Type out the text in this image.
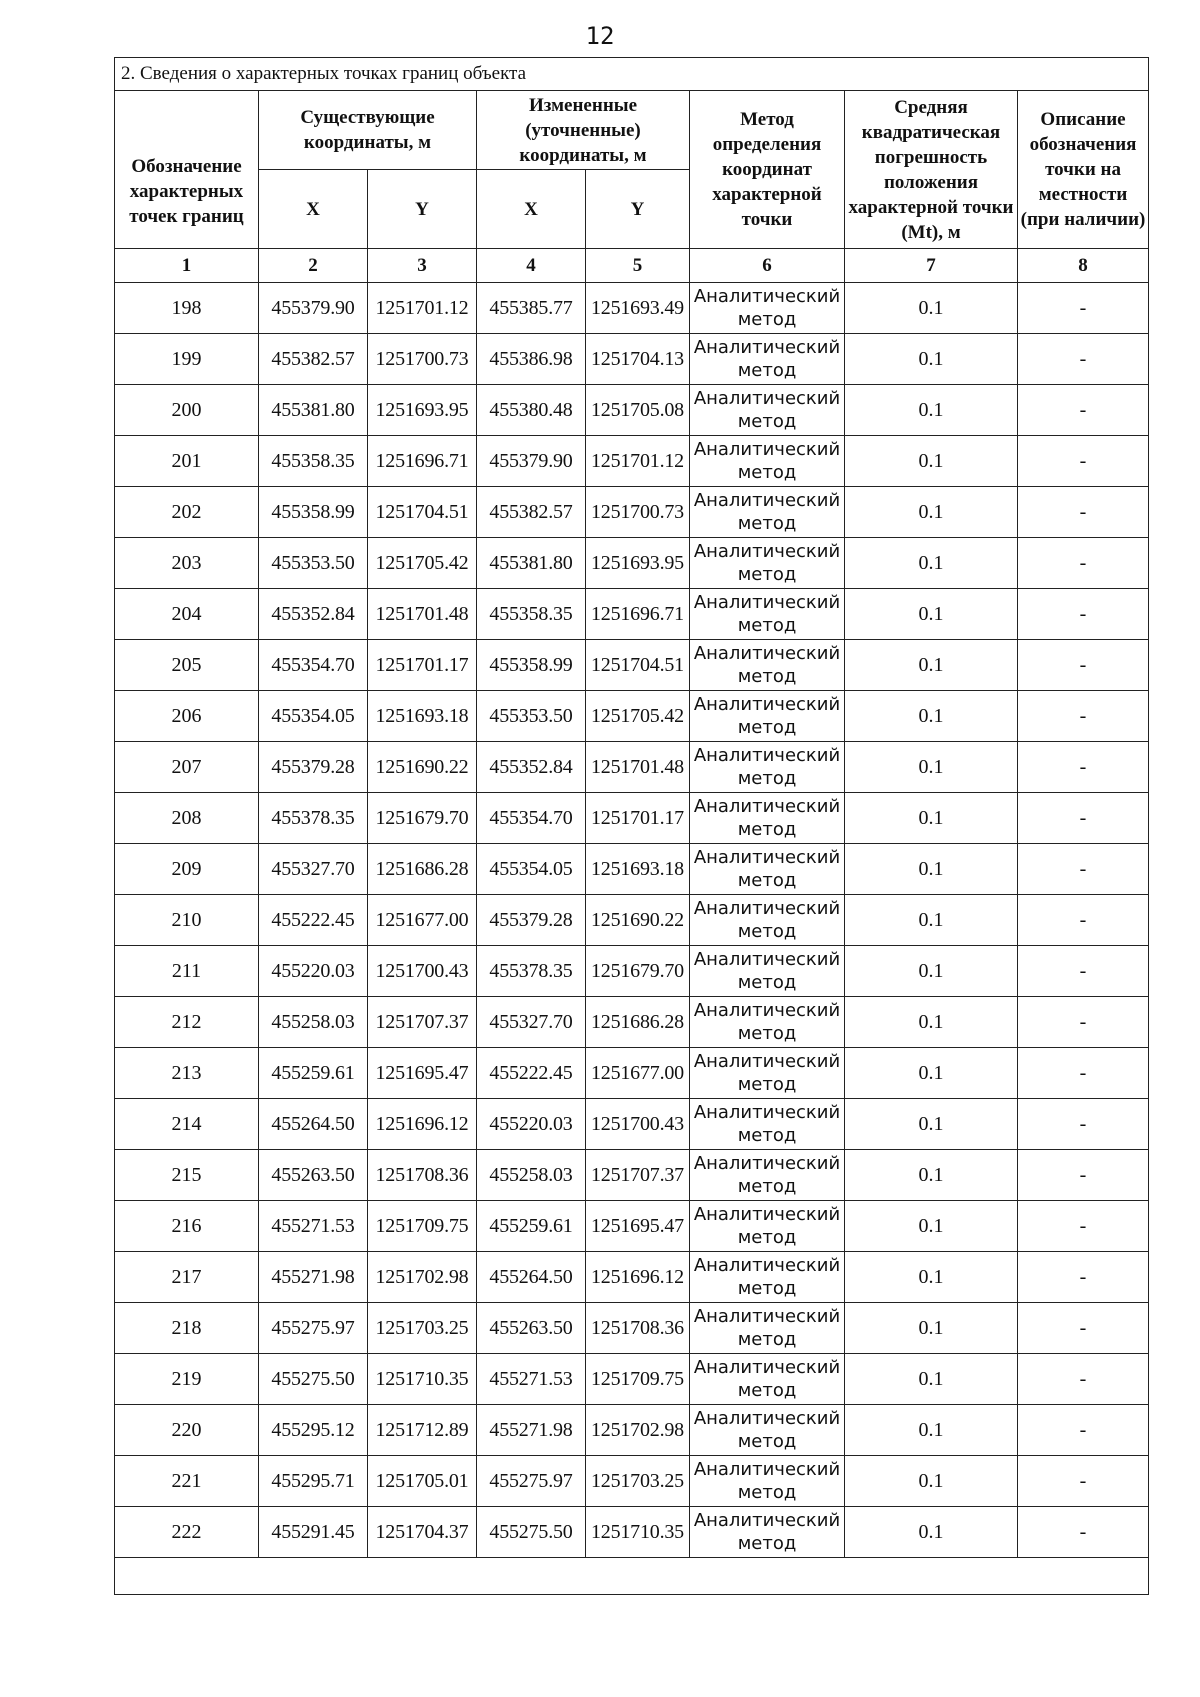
12
2. Сведения о характерных точках границ объекта							
Обозначение характерных точек границ	Существующие координаты, м		Измененные (уточненные) координаты, м		Метод определения координат характерной точки	Средняя квадратическая погрешность положения характерной точки (Mt), м	Описание обозначения точки на местности (при наличии)
	X	Y	X	Y			
1	2	3	4	5	6	7	8
198	455379.90	1251701.12	455385.77	1251693.49	Аналитический метод	0.1	-
199	455382.57	1251700.73	455386.98	1251704.13	Аналитический метод	0.1	-
200	455381.80	1251693.95	455380.48	1251705.08	Аналитический метод	0.1	-
201	455358.35	1251696.71	455379.90	1251701.12	Аналитический метод	0.1	-
202	455358.99	1251704.51	455382.57	1251700.73	Аналитический метод	0.1	-
203	455353.50	1251705.42	455381.80	1251693.95	Аналитический метод	0.1	-
204	455352.84	1251701.48	455358.35	1251696.71	Аналитический метод	0.1	-
205	455354.70	1251701.17	455358.99	1251704.51	Аналитический метод	0.1	-
206	455354.05	1251693.18	455353.50	1251705.42	Аналитический метод	0.1	-
207	455379.28	1251690.22	455352.84	1251701.48	Аналитический метод	0.1	-
208	455378.35	1251679.70	455354.70	1251701.17	Аналитический метод	0.1	-
209	455327.70	1251686.28	455354.05	1251693.18	Аналитический метод	0.1	-
210	455222.45	1251677.00	455379.28	1251690.22	Аналитический метод	0.1	-
211	455220.03	1251700.43	455378.35	1251679.70	Аналитический метод	0.1	-
212	455258.03	1251707.37	455327.70	1251686.28	Аналитический метод	0.1	-
213	455259.61	1251695.47	455222.45	1251677.00	Аналитический метод	0.1	-
214	455264.50	1251696.12	455220.03	1251700.43	Аналитический метод	0.1	-
215	455263.50	1251708.36	455258.03	1251707.37	Аналитический метод	0.1	-
216	455271.53	1251709.75	455259.61	1251695.47	Аналитический метод	0.1	-
217	455271.98	1251702.98	455264.50	1251696.12	Аналитический метод	0.1	-
218	455275.97	1251703.25	455263.50	1251708.36	Аналитический метод	0.1	-
219	455275.50	1251710.35	455271.53	1251709.75	Аналитический метод	0.1	-
220	455295.12	1251712.89	455271.98	1251702.98	Аналитический метод	0.1	-
221	455295.71	1251705.01	455275.97	1251703.25	Аналитический метод	0.1	-
222	455291.45	1251704.37	455275.50	1251710.35	Аналитический метод	0.1	-
